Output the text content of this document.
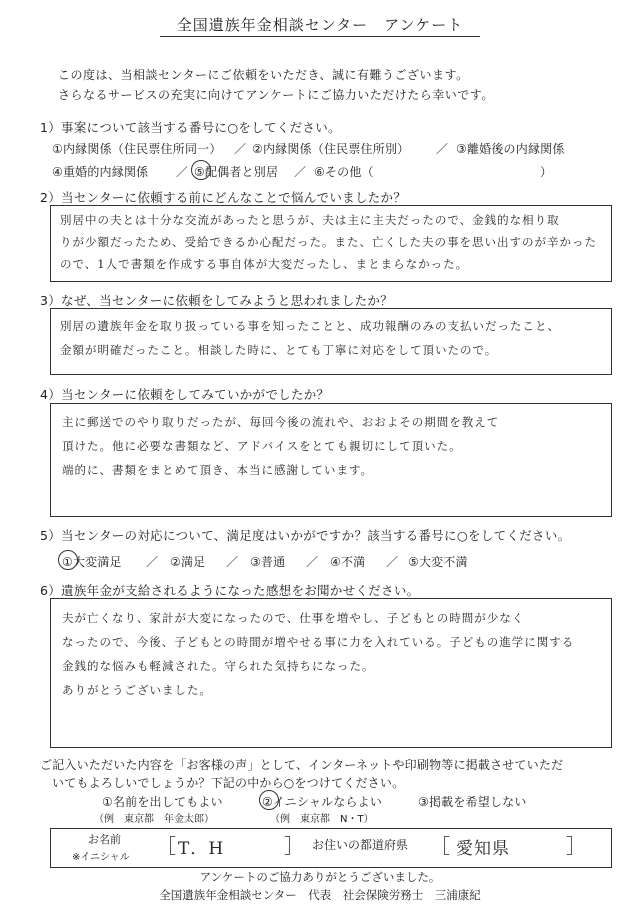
全国遺族年金相談センター　アンケート
この度は、当相談センターにご依頼をいただき、誠に有難うございます。
さらなるサービスの充実に向けてアンケートにご協力いただけたら幸いです。
1）事案について該当する番号に○をしてください。
①内縁関係（住民票住所同一） ／ ②内縁関係（住民票住所別） ／ ③離婚後の内縁関係
④重婚的内縁関係 ／ ⑤配偶者と別居 ／ ⑥その他（	）
2）当センターに依頼する前にどんなことで悩んでいましたか？
別居中の夫とは十分な交流があったと思うが、夫は主に主夫だったので、金銭的な相り取
りが少額だったため、受給できるか心配だった。また、亡くした夫の事を思い出すのが辛かった
ので、1人で書類を作成する事自体が大変だったし、まとまらなかった。
3）なぜ、当センターに依頼をしてみようと思われましたか？
別居の遺族年金を取り扱っている事を知ったことと、成功報酬のみの支払いだったこと、
金額が明確だったこと。相談した時に、とても丁寧に対応をして頂いたので。
4）当センターに依頼をしてみていかがでしたか？
主に郵送でのやり取りだったが、毎回今後の流れや、おおよその期間を教えて
頂けた。他に必要な書類など、アドバイスをとても親切にして頂いた。
端的に、書類をまとめて頂き、本当に感謝しています。
5）当センターの対応について、満足度はいかがですか？該当する番号に○をしてください。
①大変満足 ／ ②満足 ／ ③普通 ／ ④不満 ／ ⑤大変不満
6）遺族年金が支給されるようになった感想をお聞かせください。
夫が亡くなり、家計が大変になったので、仕事を増やし、子どもとの時間が少なく
なったので、今後、子どもとの時間が増やせる事に力を入れている。子どもの進学に関する
金銭的な悩みも軽減された。守られた気持ちになった。
ありがとうございました。
ご記入いただいた内容を「お客様の声」として、インターネットや印刷物等に掲載させていただ
いてもよろしいでしょうか？下記の中から○をつけてください。
①名前を出してもよい
（例　東京都　年金太郎）
②イニシャルならよい
（例　東京都　N・T）
③掲載を希望しない
お名前
※イニシャル ［ T．H	］ お住いの都道府県 ［ 愛知県	］
アンケートのご協力ありがとうございました。
全国遺族年金相談センター　代表　社会保険労務士　三浦康紀
